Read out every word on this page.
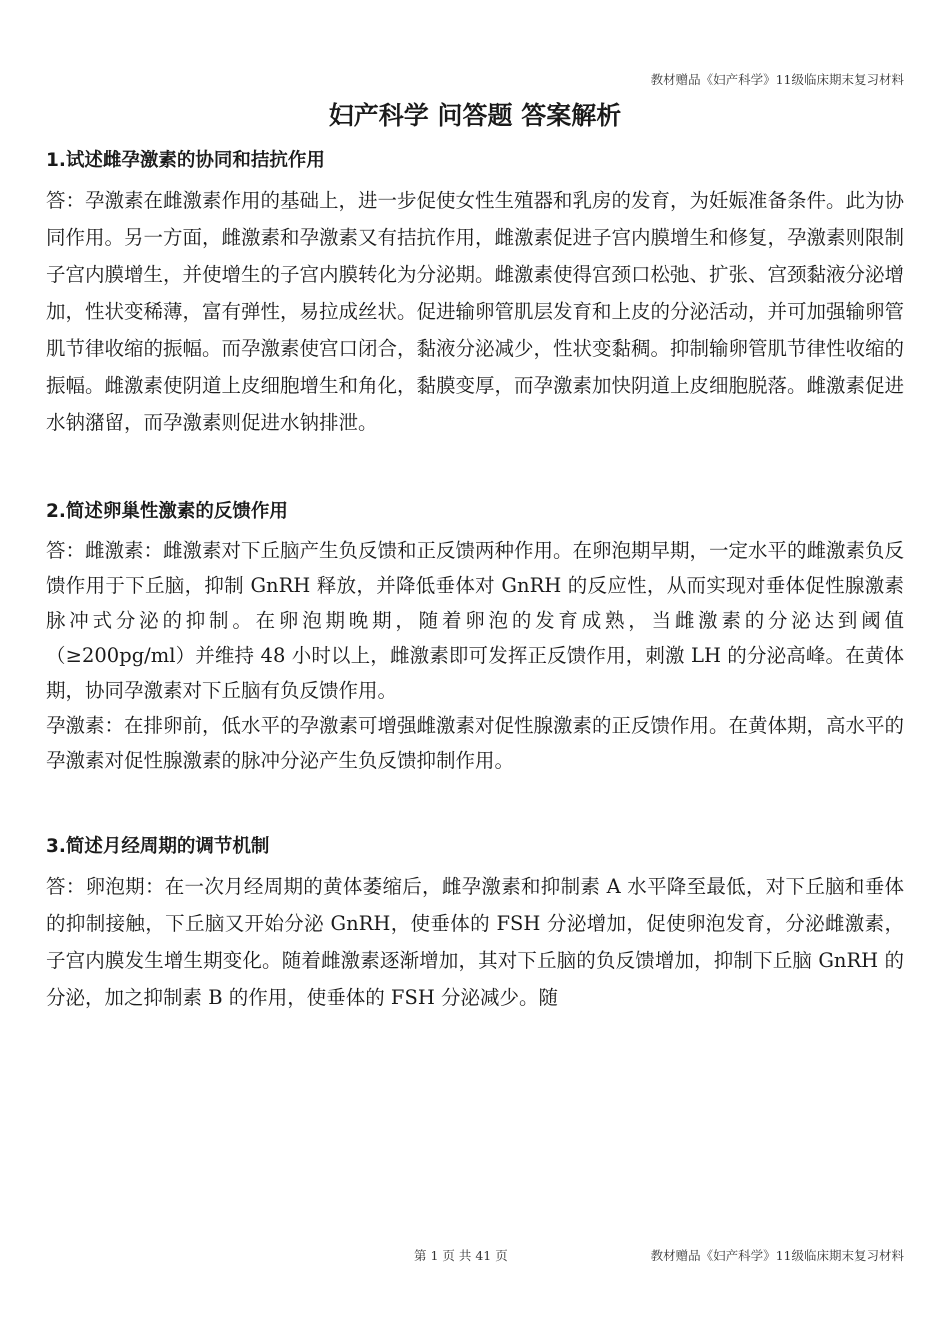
教材赠品《妇产科学》11级临床期末复习材料
妇产科学 问答题 答案解析
1.试述雌孕激素的协同和拮抗作用

答：孕激素在雌激素作用的基础上，进一步促使女性生殖器和乳房的发育，为妊娠准备条件。此为协同作用。另一方面，雌激素和孕激素又有拮抗作用，雌激素促进子宫内膜增生和修复，孕激素则限制子宫内膜增生，并使增生的子宫内膜转化为分泌期。雌激素使得宫颈口松弛、扩张、宫颈黏液分泌增加，性状变稀薄，富有弹性，易拉成丝状。促进输卵管肌层发育和上皮的分泌活动，并可加强输卵管肌节律收缩的振幅。而孕激素使宫口闭合，黏液分泌减少，性状变黏稠。抑制输卵管肌节律性收缩的振幅。雌激素使阴道上皮细胞增生和角化，黏膜变厚，而孕激素加快阴道上皮细胞脱落。雌激素促进水钠潴留，而孕激素则促进水钠排泄。

2.简述卵巢性激素的反馈作用

答：雌激素：雌激素对下丘脑产生负反馈和正反馈两种作用。在卵泡期早期，一定水平的雌激素负反馈作用于下丘脑，抑制 GnRH 释放，并降低垂体对 GnRH 的反应性，从而实现对垂体促性腺激素脉冲式分泌的抑制。在卵泡期晚期，随着卵泡的发育成熟，当雌激素的分泌达到阈值（≥200pg/ml）并维持 48 小时以上，雌激素即可发挥正反馈作用，刺激 LH 的分泌高峰。在黄体期，协同孕激素对下丘脑有负反馈作用。

孕激素：在排卵前，低水平的孕激素可增强雌激素对促性腺激素的正反馈作用。在黄体期，高水平的孕激素对促性腺激素的脉冲分泌产生负反馈抑制作用。

3.简述月经周期的调节机制

答：卵泡期：在一次月经周期的黄体萎缩后，雌孕激素和抑制素 A 水平降至最低，对下丘脑和垂体的抑制接触，下丘脑又开始分泌 GnRH，使垂体的 FSH 分泌增加，促使卵泡发育，分泌雌激素，子宫内膜发生增生期变化。随着雌激素逐渐增加，其对下丘脑的负反馈增加，抑制下丘脑 GnRH 的分泌，加之抑制素 B 的作用，使垂体的 FSH 分泌减少。随

第 1 页 共 41 页	教材赠品《妇产科学》11级临床期末复习材料
